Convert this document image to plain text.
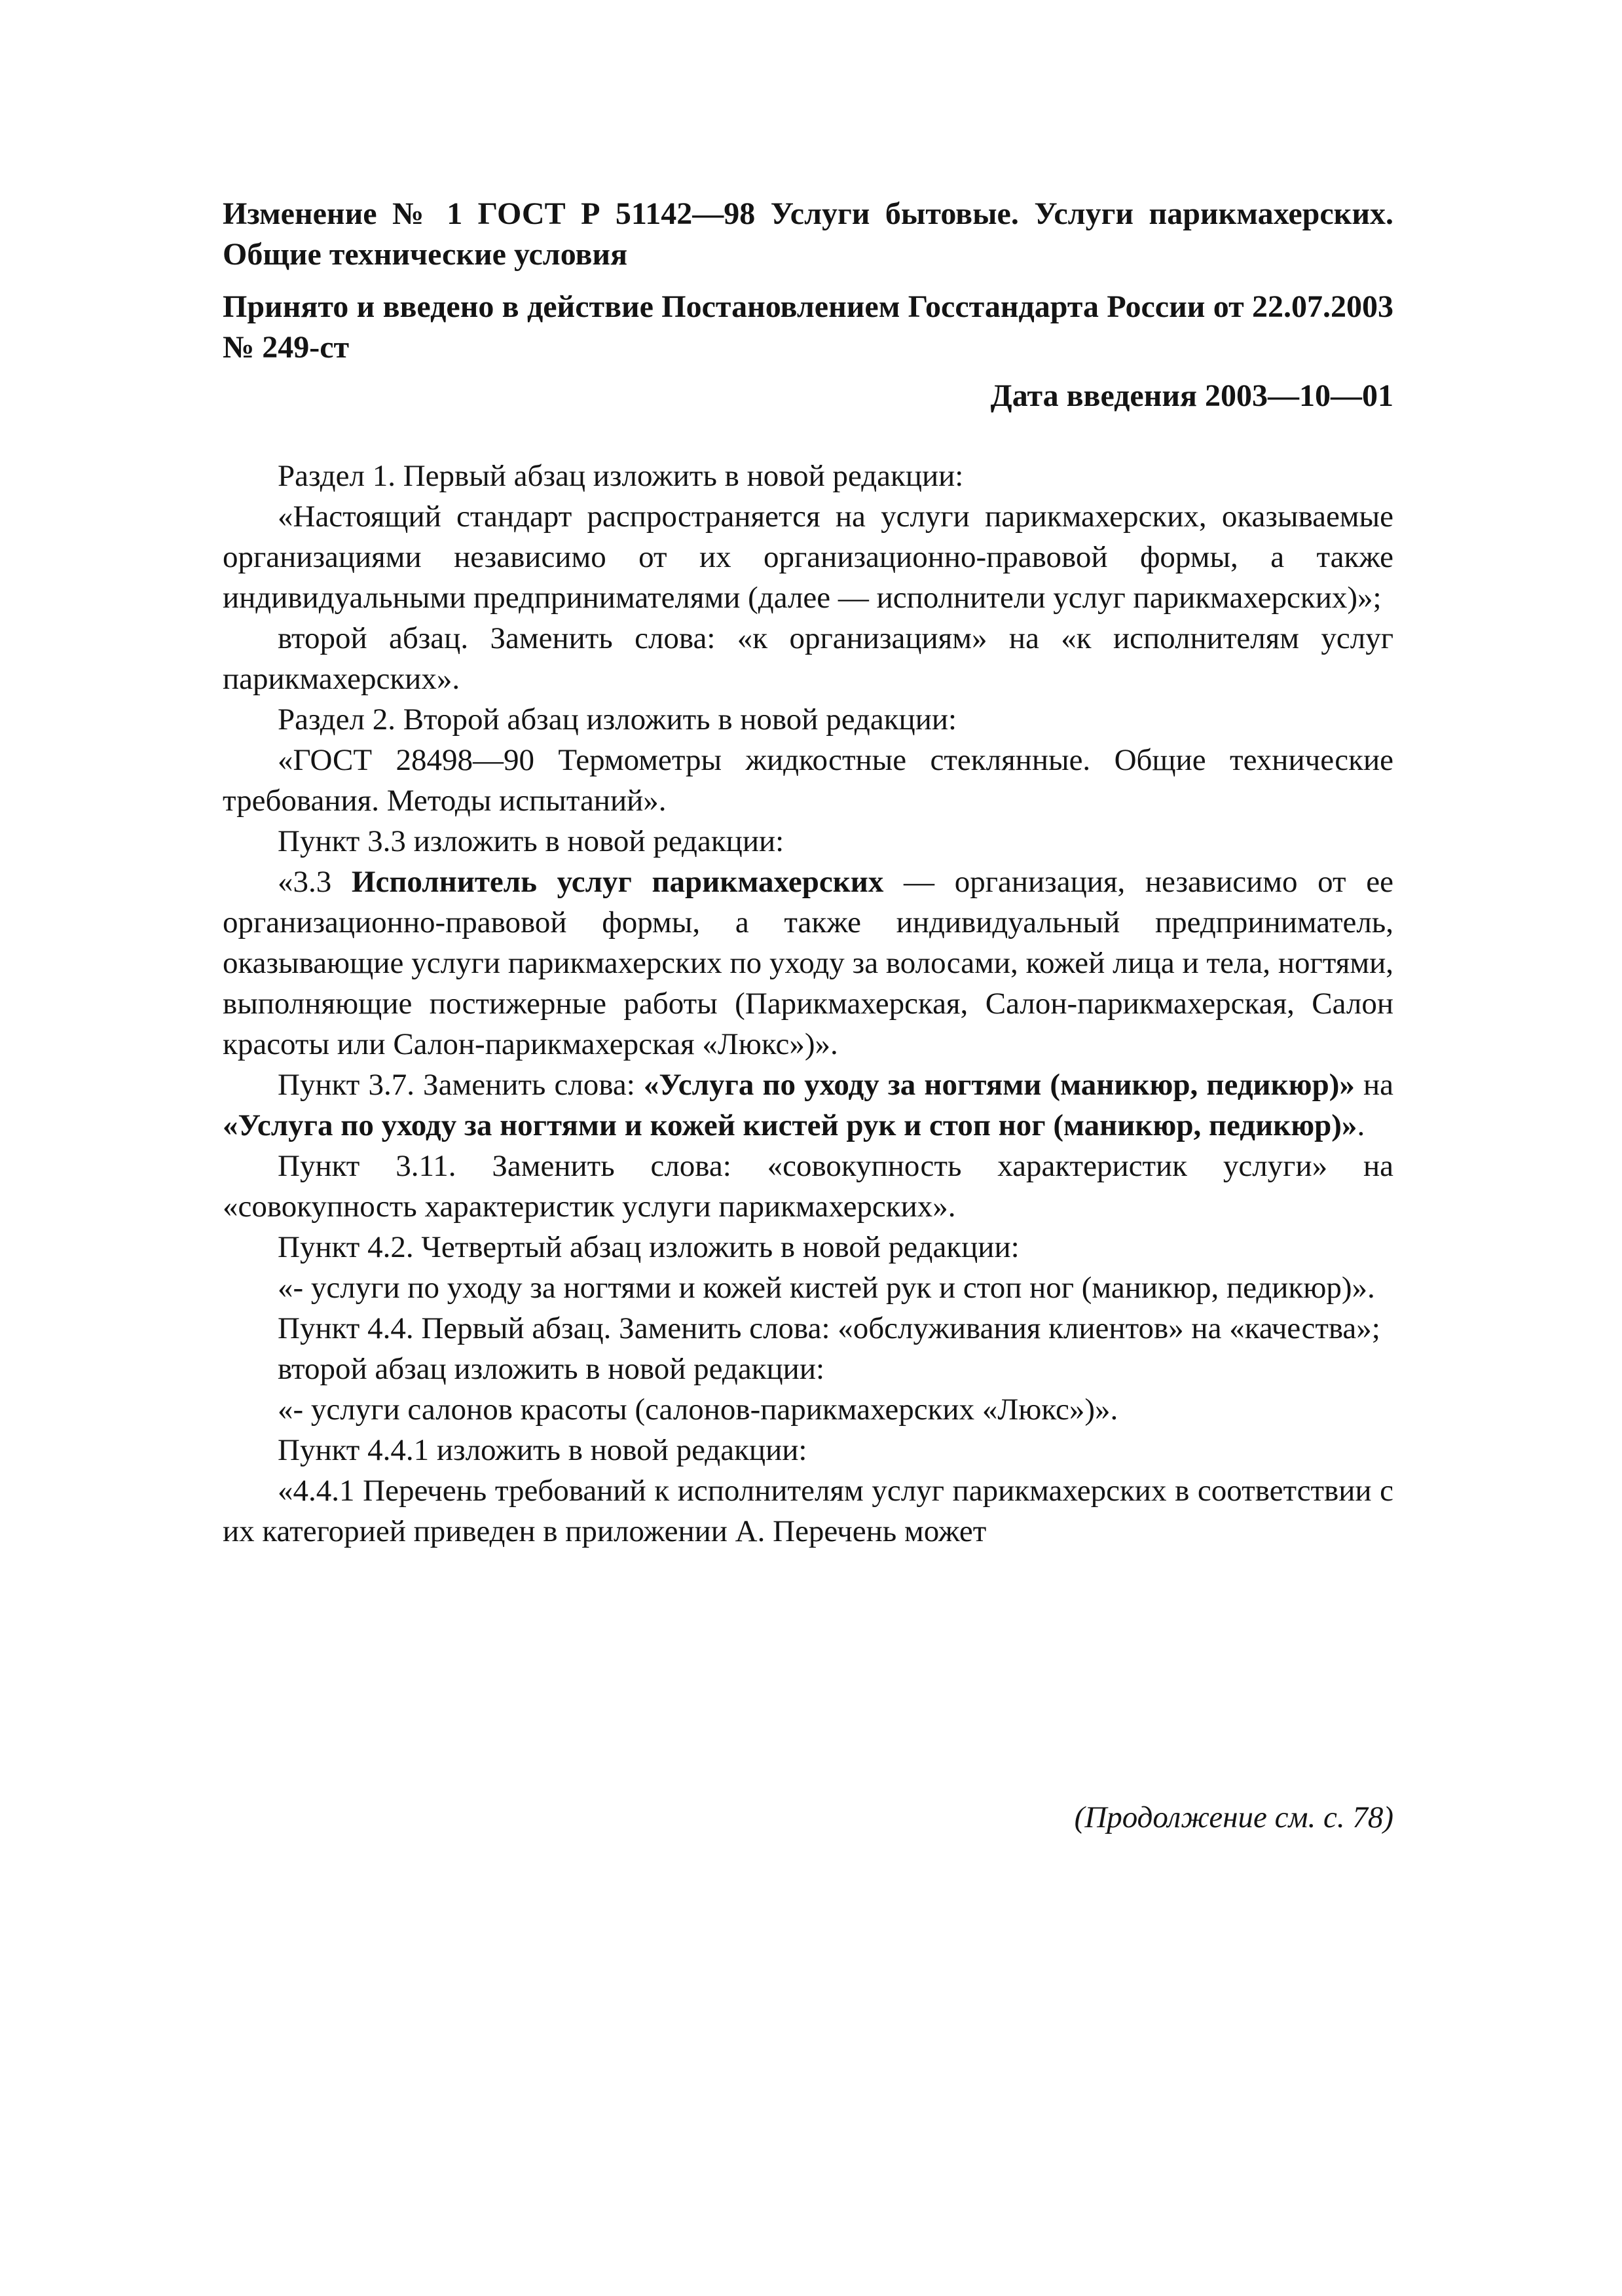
Изменение № 1 ГОСТ Р 51142—98 Услуги бытовые. Услуги парикмахерских. Общие технические условия

Принято и введено в действие Постановлением Госстандарта России от 22.07.2003 № 249-ст

Дата введения 2003—10—01

Раздел 1. Первый абзац изложить в новой редакции:

«Настоящий стандарт распространяется на услуги парикмахерских, оказываемые организациями независимо от их организационно-правовой формы, а также индивидуальными предпринимателями (далее — исполнители услуг парикмахерских)»;

второй абзац. Заменить слова: «к организациям» на «к исполнителям услуг парикмахерских».

Раздел 2. Второй абзац изложить в новой редакции:

«ГОСТ 28498—90 Термометры жидкостные стеклянные. Общие технические требования. Методы испытаний».

Пункт 3.3 изложить в новой редакции:

«3.3 Исполнитель услуг парикмахерских — организация, независимо от ее организационно-правовой формы, а также индивидуальный предприниматель, оказывающие услуги парикмахерских по уходу за волосами, кожей лица и тела, ногтями, выполняющие постижерные работы (Парикмахерская, Салон-парикмахерская, Салон красоты или Салон-парикмахерская «Люкс»)».

Пункт 3.7. Заменить слова: «Услуга по уходу за ногтями (маникюр, педикюр)» на «Услуга по уходу за ногтями и кожей кистей рук и стоп ног (маникюр, педикюр)».

Пункт 3.11. Заменить слова: «совокупность характеристик услуги» на «совокупность характеристик услуги парикмахерских».

Пункт 4.2. Четвертый абзац изложить в новой редакции:

«- услуги по уходу за ногтями и кожей кистей рук и стоп ног (маникюр, педикюр)».

Пункт 4.4. Первый абзац. Заменить слова: «обслуживания клиентов» на «качества»;

второй абзац изложить в новой редакции:

«- услуги салонов красоты (салонов-парикмахерских «Люкс»)».

Пункт 4.4.1 изложить в новой редакции:

«4.4.1 Перечень требований к исполнителям услуг парикмахерских в соответствии с их категорией приведен в приложении А. Перечень может

(Продолжение см. с. 78)
